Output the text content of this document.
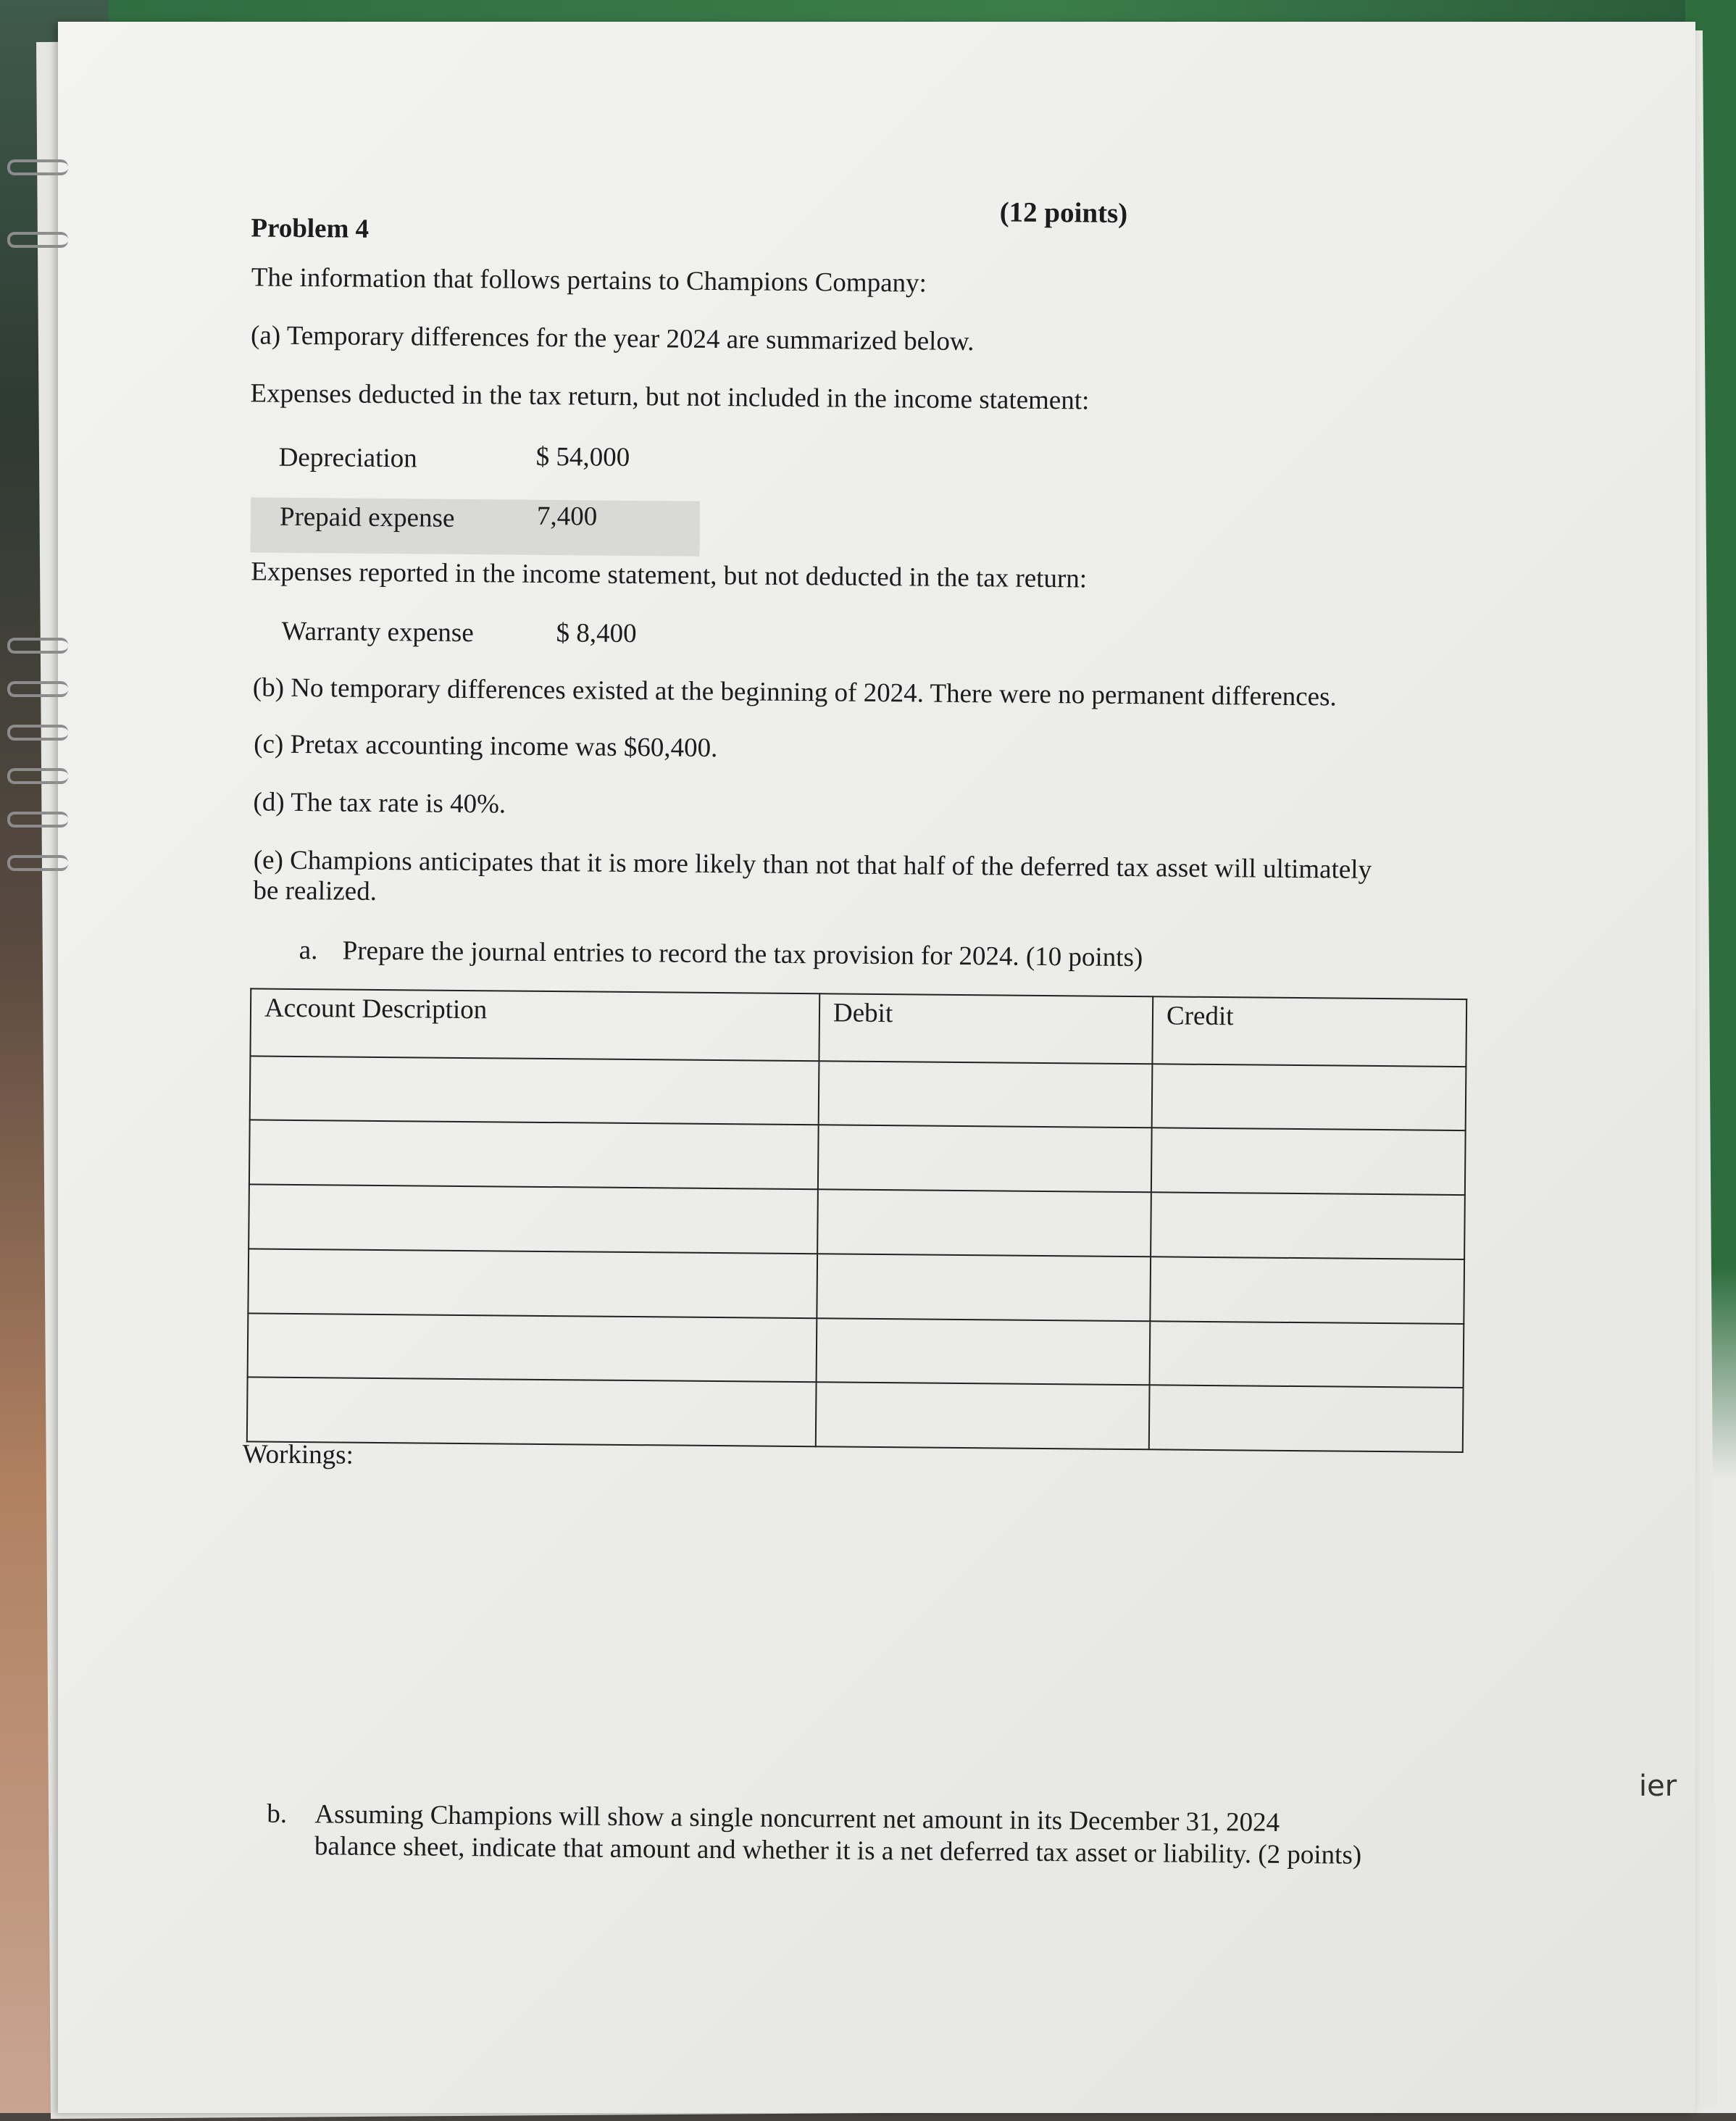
Problem 4	(12 points)
The information that follows pertains to Champions Company:
(a) Temporary differences for the year 2024 are summarized below.
Expenses deducted in the tax return, but not included in the income statement:
Depreciation	$ 54,000
Prepaid expense	7,400
Expenses reported in the income statement, but not deducted in the tax return:
Warranty expense	$ 8,400
(b) No temporary differences existed at the beginning of 2024. There were no permanent differences.
(c) Pretax accounting income was $60,400.
(d) The tax rate is 40%.
(e) Champions anticipates that it is more likely than not that half of the deferred tax asset will ultimately
be realized.
a. Prepare the journal entries to record the tax provision for 2024. (10 points)
Account Description	Debit	Credit

Workings:
b. Assuming Champions will show a single noncurrent net amount in its December 31, 2024
balance sheet, indicate that amount and whether it is a net deferred tax asset or liability. (2 points)
ier
